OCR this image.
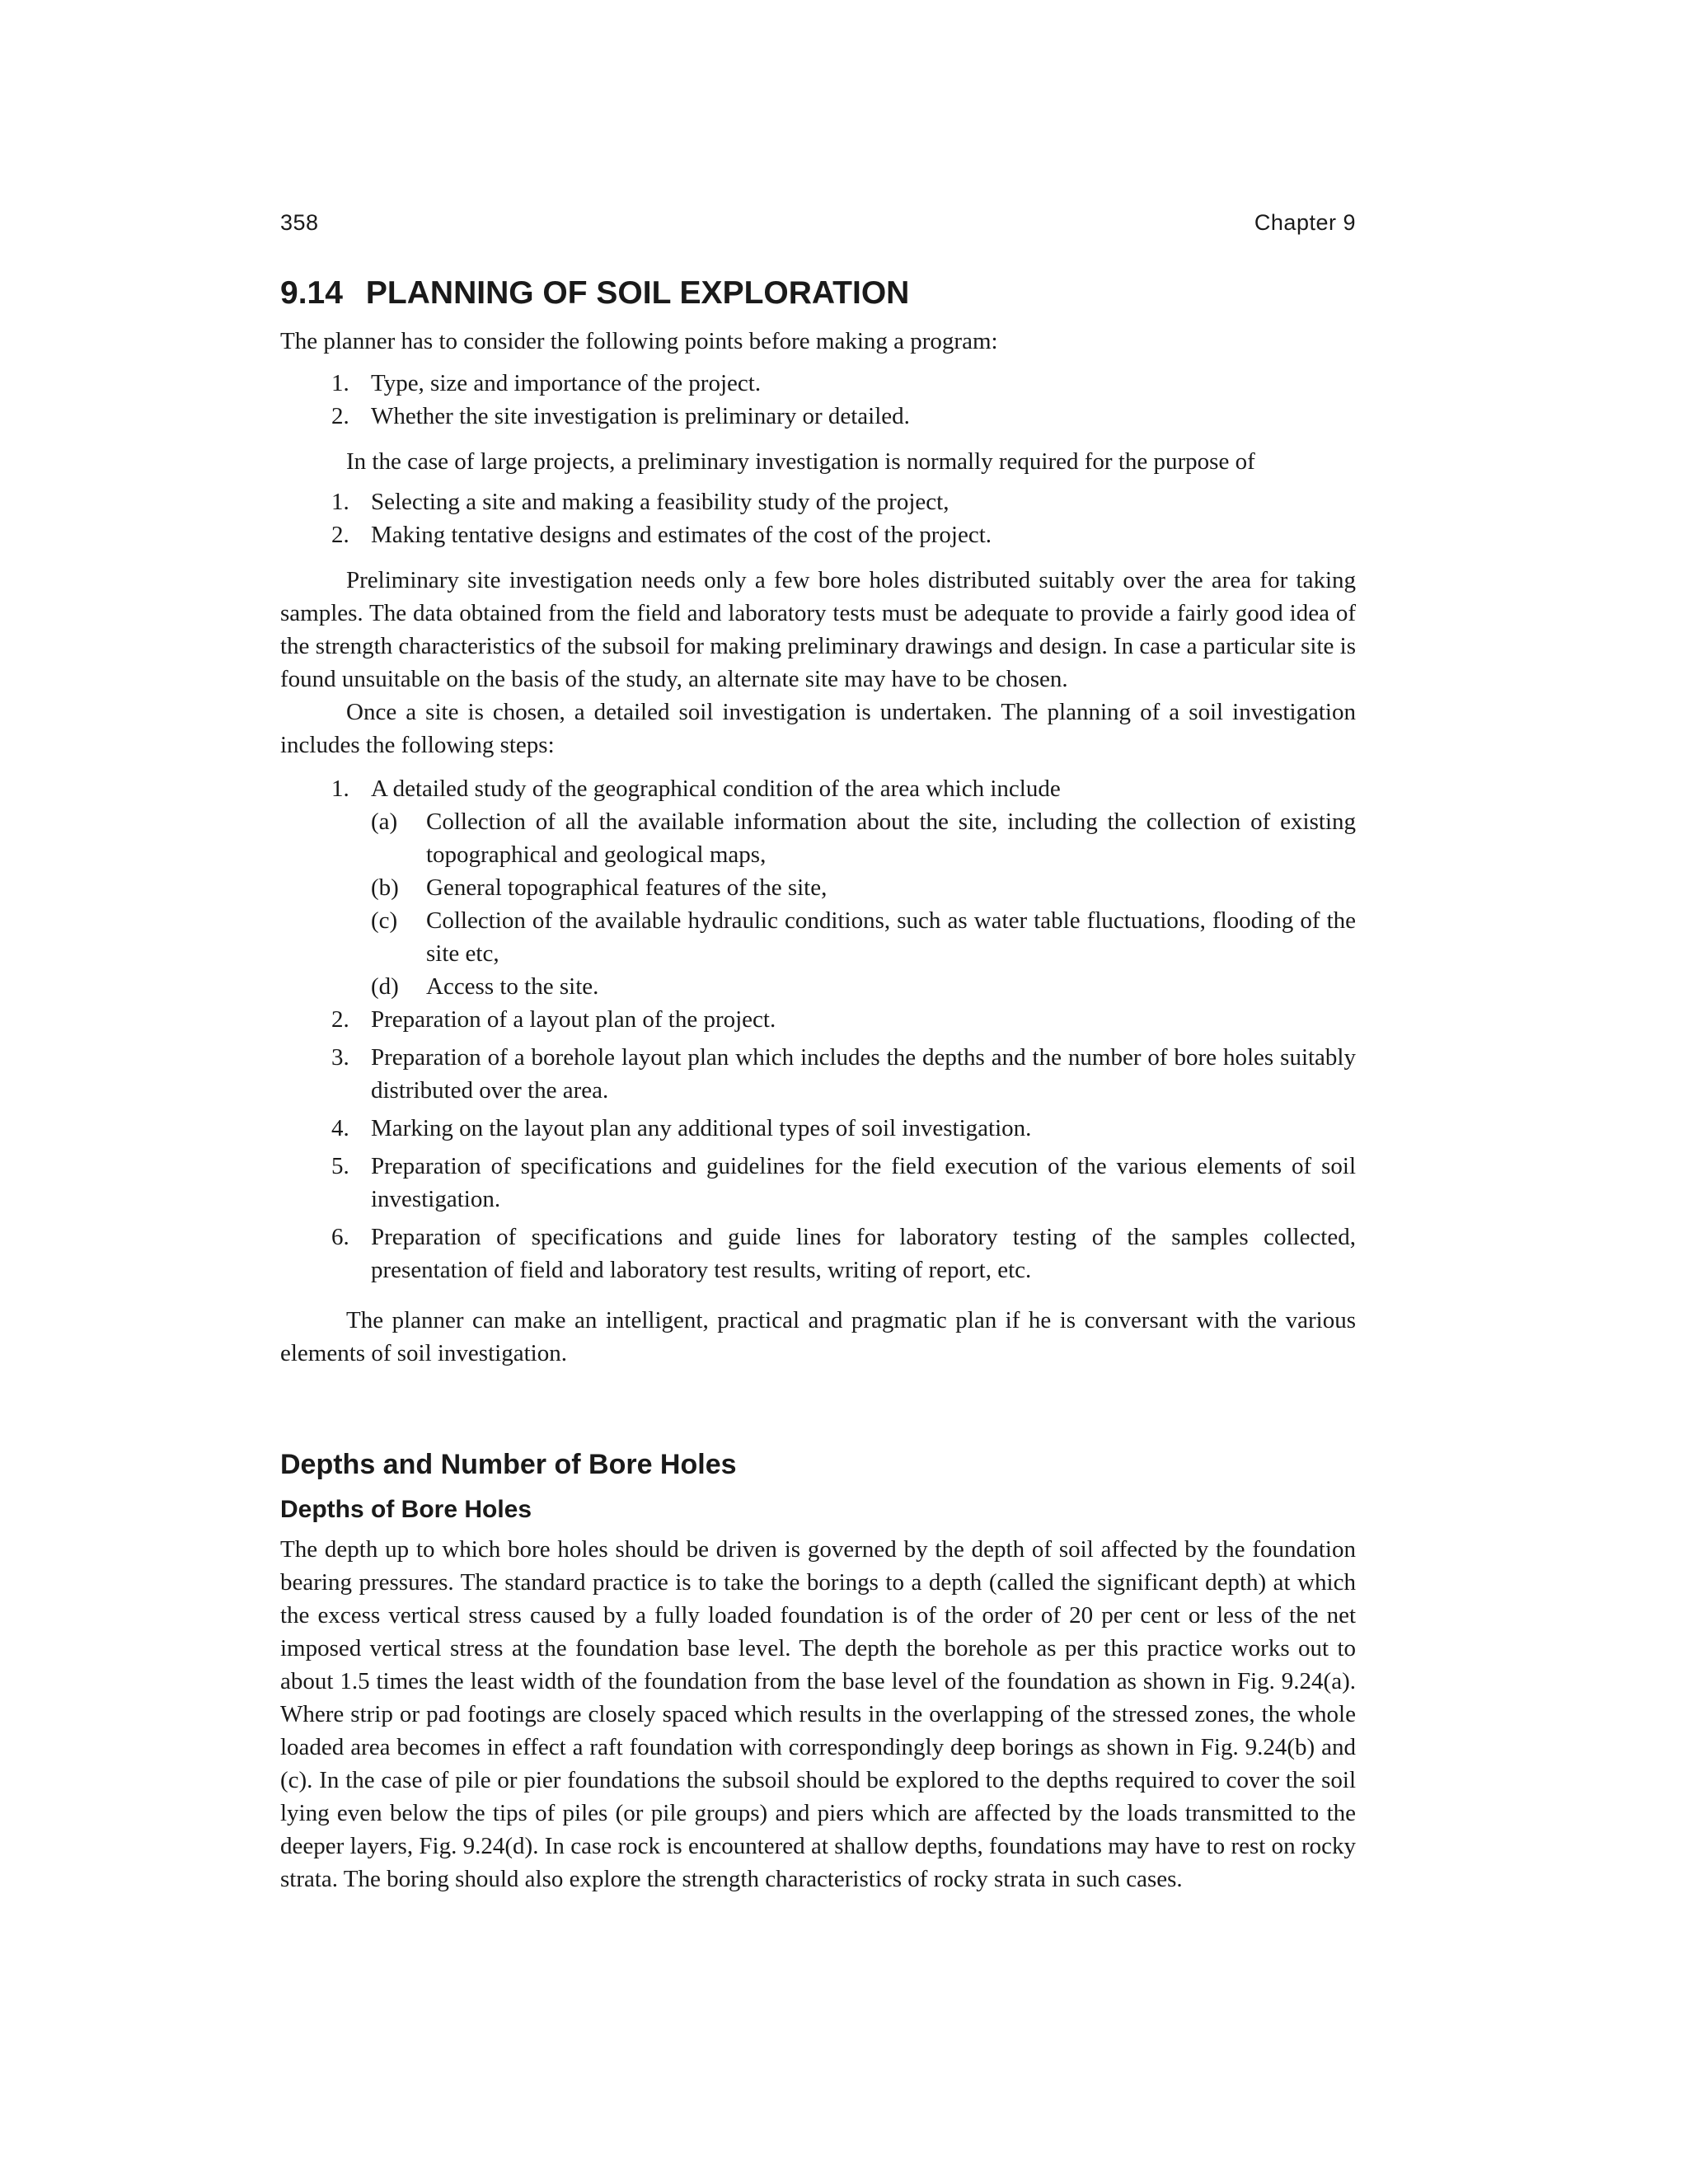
358	Chapter 9
9.14 PLANNING OF SOIL EXPLORATION

The planner has to consider the following points before making a program:

1. Type, size and importance of the project.
2. Whether the site investigation is preliminary or detailed.

In the case of large projects, a preliminary investigation is normally required for the purpose of

1. Selecting a site and making a feasibility study of the project,
2. Making tentative designs and estimates of the cost of the project.

Preliminary site investigation needs only a few bore holes distributed suitably over the area for taking samples. The data obtained from the field and laboratory tests must be adequate to provide a fairly good idea of the strength characteristics of the subsoil for making preliminary drawings and design. In case a particular site is found unsuitable on the basis of the study, an alternate site may have to be chosen.

Once a site is chosen, a detailed soil investigation is undertaken. The planning of a soil investigation includes the following steps:

1. A detailed study of the geographical condition of the area which include
(a) Collection of all the available information about the site, including the collection of existing topographical and geological maps,
(b) General topographical features of the site,
(c) Collection of the available hydraulic conditions, such as water table fluctuations, flooding of the site etc,
(d) Access to the site.
2. Preparation of a layout plan of the project.
3. Preparation of a borehole layout plan which includes the depths and the number of bore holes suitably distributed over the area.
4. Marking on the layout plan any additional types of soil investigation.
5. Preparation of specifications and guidelines for the field execution of the various elements of soil investigation.
6. Preparation of specifications and guide lines for laboratory testing of the samples collected, presentation of field and laboratory test results, writing of report, etc.

The planner can make an intelligent, practical and pragmatic plan if he is conversant with the various elements of soil investigation.

Depths and Number of Bore Holes
Depths of Bore Holes

The depth up to which bore holes should be driven is governed by the depth of soil affected by the foundation bearing pressures. The standard practice is to take the borings to a depth (called the significant depth) at which the excess vertical stress caused by a fully loaded foundation is of the order of 20 per cent or less of the net imposed vertical stress at the foundation base level. The depth the borehole as per this practice works out to about 1.5 times the least width of the foundation from the base level of the foundation as shown in Fig. 9.24(a). Where strip or pad footings are closely spaced which results in the overlapping of the stressed zones, the whole loaded area becomes in effect a raft foundation with correspondingly deep borings as shown in Fig. 9.24(b) and (c). In the case of pile or pier foundations the subsoil should be explored to the depths required to cover the soil lying even below the tips of piles (or pile groups) and piers which are affected by the loads transmitted to the deeper layers, Fig. 9.24(d). In case rock is encountered at shallow depths, foundations may have to rest on rocky strata. The boring should also explore the strength characteristics of rocky strata in such cases.
